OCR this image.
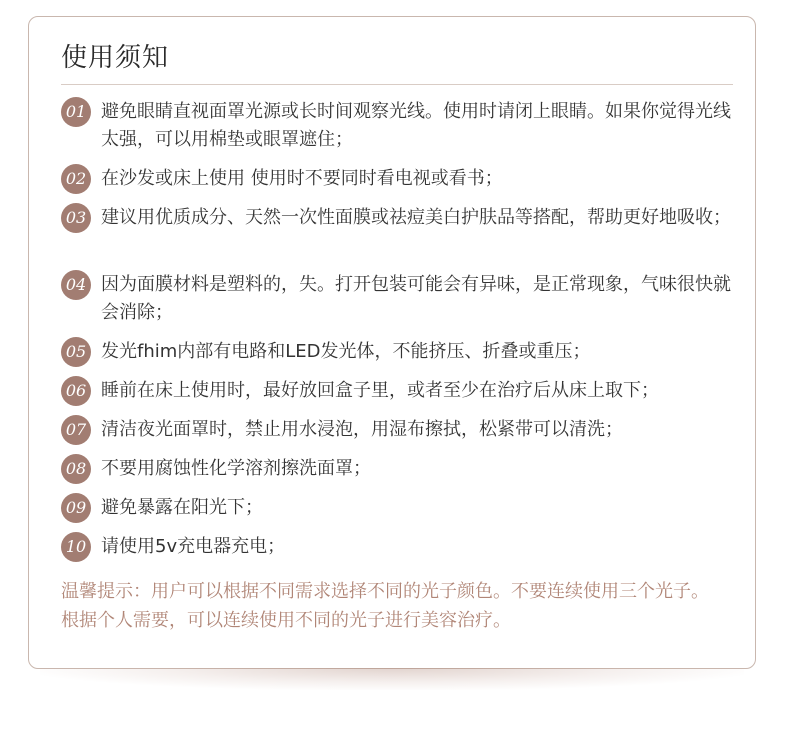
使用须知
01 避免眼睛直视面罩光源或长时间观察光线。使用时请闭上眼睛。如果你觉得光线太强，可以用棉垫或眼罩遮住；
02 在沙发或床上使用 使用时不要同时看电视或看书；
03 建议用优质成分、天然一次性面膜或祛痘美白护肤品等搭配，帮助更好地吸收；
04 因为面膜材料是塑料的，失。打开包装可能会有异味，是正常现象，气味很快就会消除；
05 发光fhim内部有电路和LED发光体，不能挤压、折叠或重压；
06 睡前在床上使用时，最好放回盒子里，或者至少在治疗后从床上取下；
07 清洁夜光面罩时，禁止用水浸泡，用湿布擦拭，松紧带可以清洗；
08 不要用腐蚀性化学溶剂擦洗面罩；
09 避免暴露在阳光下；
10 请使用5v充电器充电；

温馨提示：用户可以根据不同需求选择不同的光子颜色。不要连续使用三个光子。根据个人需要，可以连续使用不同的光子进行美容治疗。
